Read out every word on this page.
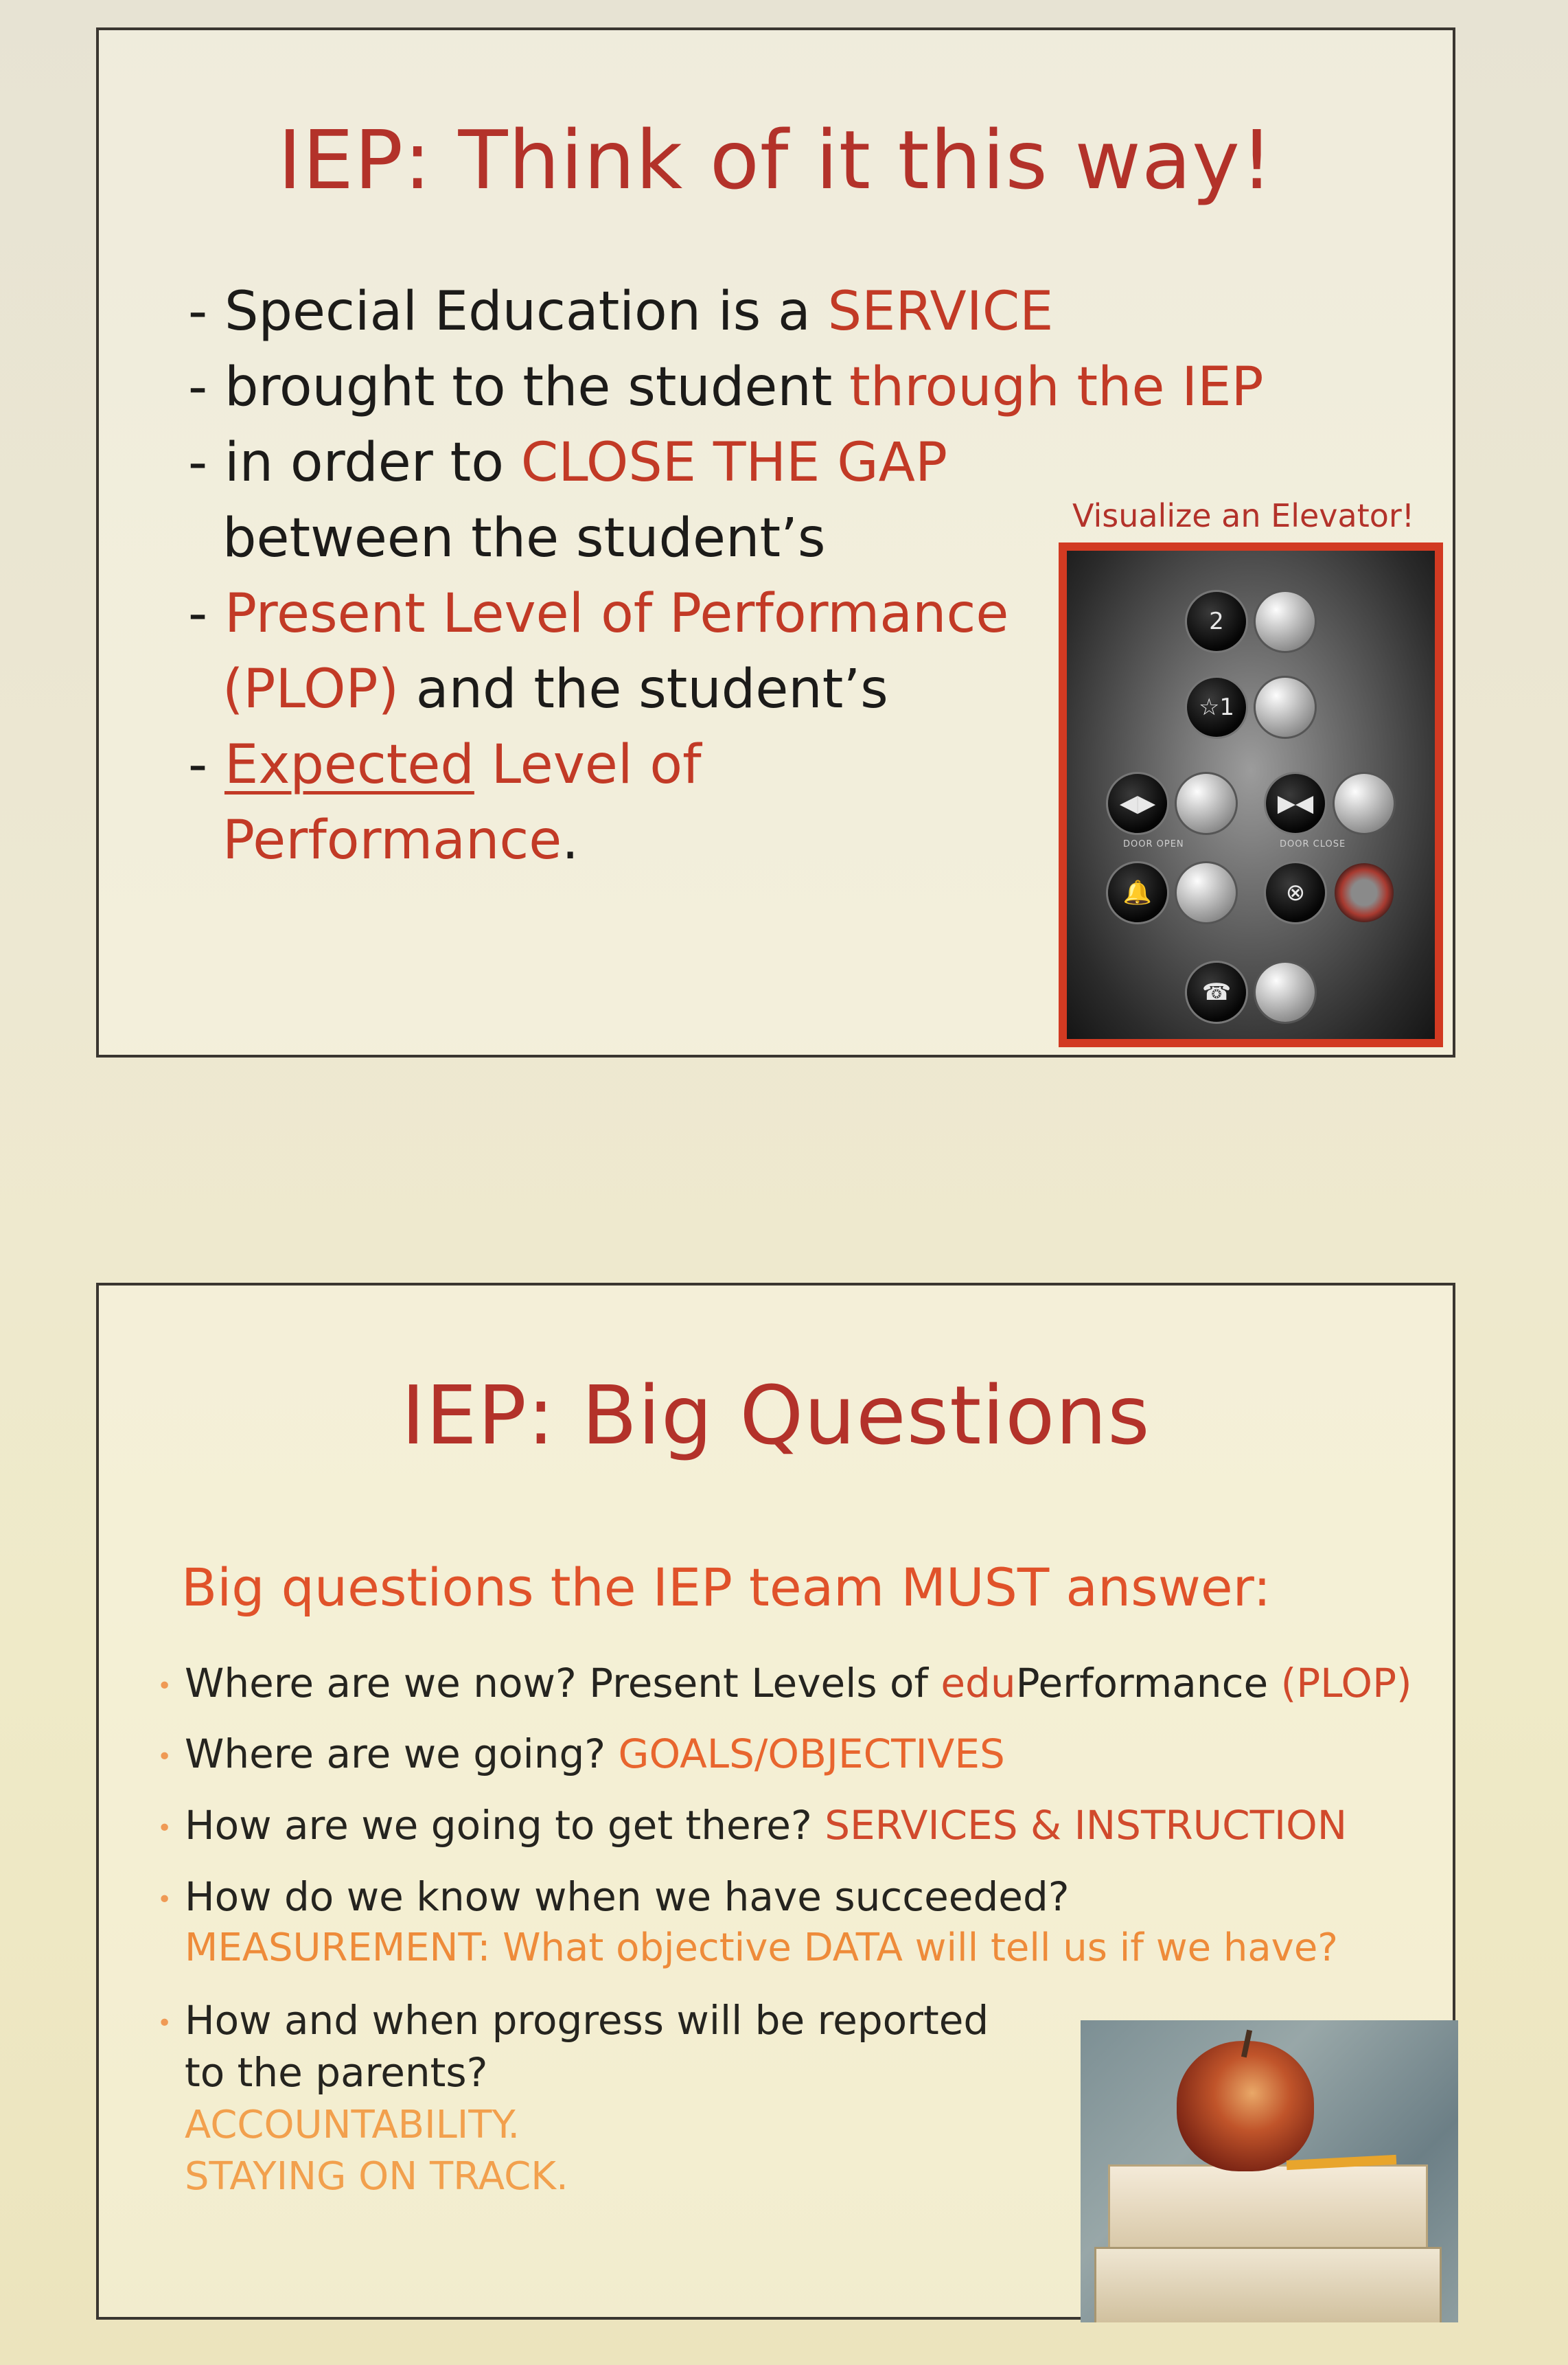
IEP: Think of it this way!
- Special Education is a SERVICE
- brought to the student through the IEP
- in order to CLOSE THE GAP
between the student’s
- Present Level of Performance
(PLOP) and the student’s
- Expected Level of
Performance.
Visualize an Elevator!
2
☆1
◀▶	▶◀
DOOR OPEN	DOOR CLOSE
🔔	⊗
☎
IEP: Big Questions
Big questions the IEP team MUST answer:
• Where are we now? Present Levels of eduPerformance (PLOP)
• Where are we going? GOALS/OBJECTIVES
• How are we going to get there? SERVICES & INSTRUCTION
• How do we know when we have succeeded?
MEASUREMENT: What objective DATA will tell us if we have?
• How and when progress will be reported
to the parents?
ACCOUNTABILITY.
STAYING ON TRACK.
